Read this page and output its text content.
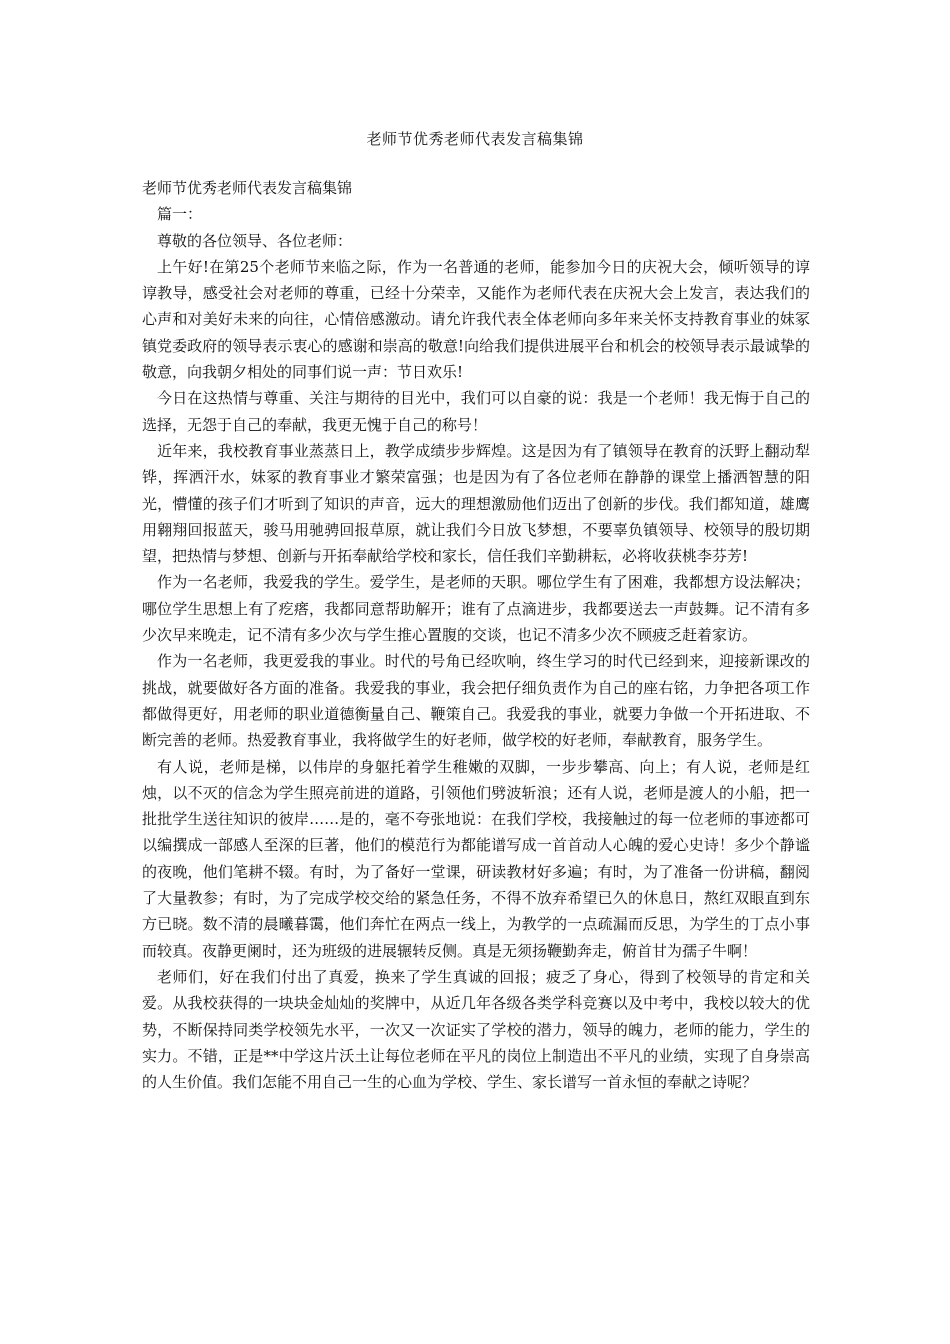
老师节优秀老师代表发言稿集锦

老师节优秀老师代表发言稿集锦

篇一：

尊敬的各位领导、各位老师：

上午好!在第25个老师节来临之际，作为一名普通的老师，能参加今日的庆祝大会，倾听领导的谆谆教导，感受社会对老师的尊重，已经十分荣幸，又能作为老师代表在庆祝大会上发言，表达我们的心声和对美好未来的向往，心情倍感激动。请允许我代表全体老师向多年来关怀支持教育事业的妹冢镇党委政府的领导表示衷心的感谢和崇高的敬意!向给我们提供进展平台和机会的校领导表示最诚挚的敬意，向我朝夕相处的同事们说一声：节日欢乐!

今日在这热情与尊重、关注与期待的目光中，我们可以自豪的说：我是一个老师！我无悔于自己的选择，无怨于自己的奉献，我更无愧于自己的称号！

近年来，我校教育事业蒸蒸日上，教学成绩步步辉煌。这是因为有了镇领导在教育的沃野上翻动犁铧，挥洒汗水，妹冢的教育事业才繁荣富强；也是因为有了各位老师在静静的课堂上播洒智慧的阳光，懵懂的孩子们才听到了知识的声音，远大的理想激励他们迈出了创新的步伐。我们都知道，雄鹰用翱翔回报蓝天，骏马用驰骋回报草原，就让我们今日放飞梦想，不要辜负镇领导、校领导的殷切期望，把热情与梦想、创新与开拓奉献给学校和家长，信任我们辛勤耕耘，必将收获桃李芬芳!

作为一名老师，我爱我的学生。爱学生，是老师的天职。哪位学生有了困难，我都想方设法解决；哪位学生思想上有了疙瘩，我都同意帮助解开；谁有了点滴进步，我都要送去一声鼓舞。记不清有多少次早来晚走，记不清有多少次与学生推心置腹的交谈，也记不清多少次不顾疲乏赶着家访。

作为一名老师，我更爱我的事业。时代的号角已经吹响，终生学习的时代已经到来，迎接新课改的挑战，就要做好各方面的准备。我爱我的事业，我会把仔细负责作为自己的座右铭，力争把各项工作都做得更好，用老师的职业道德衡量自己、鞭策自己。我爱我的事业，就要力争做一个开拓进取、不断完善的老师。热爱教育事业，我将做学生的好老师，做学校的好老师，奉献教育，服务学生。

有人说，老师是梯，以伟岸的身躯托着学生稚嫩的双脚，一步步攀高、向上；有人说，老师是红烛，以不灭的信念为学生照亮前进的道路，引领他们劈波斩浪；还有人说，老师是渡人的小船，把一批批学生送往知识的彼岸……是的，毫不夸张地说：在我们学校，我接触过的每一位老师的事迹都可以编撰成一部感人至深的巨著，他们的模范行为都能谱写成一首首动人心魄的爱心史诗！多少个静谧的夜晚，他们笔耕不辍。有时，为了备好一堂课，研读教材好多遍；有时，为了准备一份讲稿，翻阅了大量教参；有时，为了完成学校交给的紧急任务，不得不放弃希望已久的休息日，熬红双眼直到东方已晓。数不清的晨曦暮霭，他们奔忙在两点一线上，为教学的一点疏漏而反思，为学生的丁点小事而较真。夜静更阑时，还为班级的进展辗转反侧。真是无须扬鞭勤奔走，俯首甘为孺子牛啊！

老师们，好在我们付出了真爱，换来了学生真诚的回报；疲乏了身心，得到了校领导的肯定和关爱。从我校获得的一块块金灿灿的奖牌中，从近几年各级各类学科竞赛以及中考中，我校以较大的优势，不断保持同类学校领先水平，一次又一次证实了学校的潜力，领导的魄力，老师的能力，学生的实力。不错，正是**中学这片沃土让每位老师在平凡的岗位上制造出不平凡的业绩，实现了自身崇高的人生价值。我们怎能不用自己一生的心血为学校、学生、家长谱写一首永恒的奉献之诗呢？
